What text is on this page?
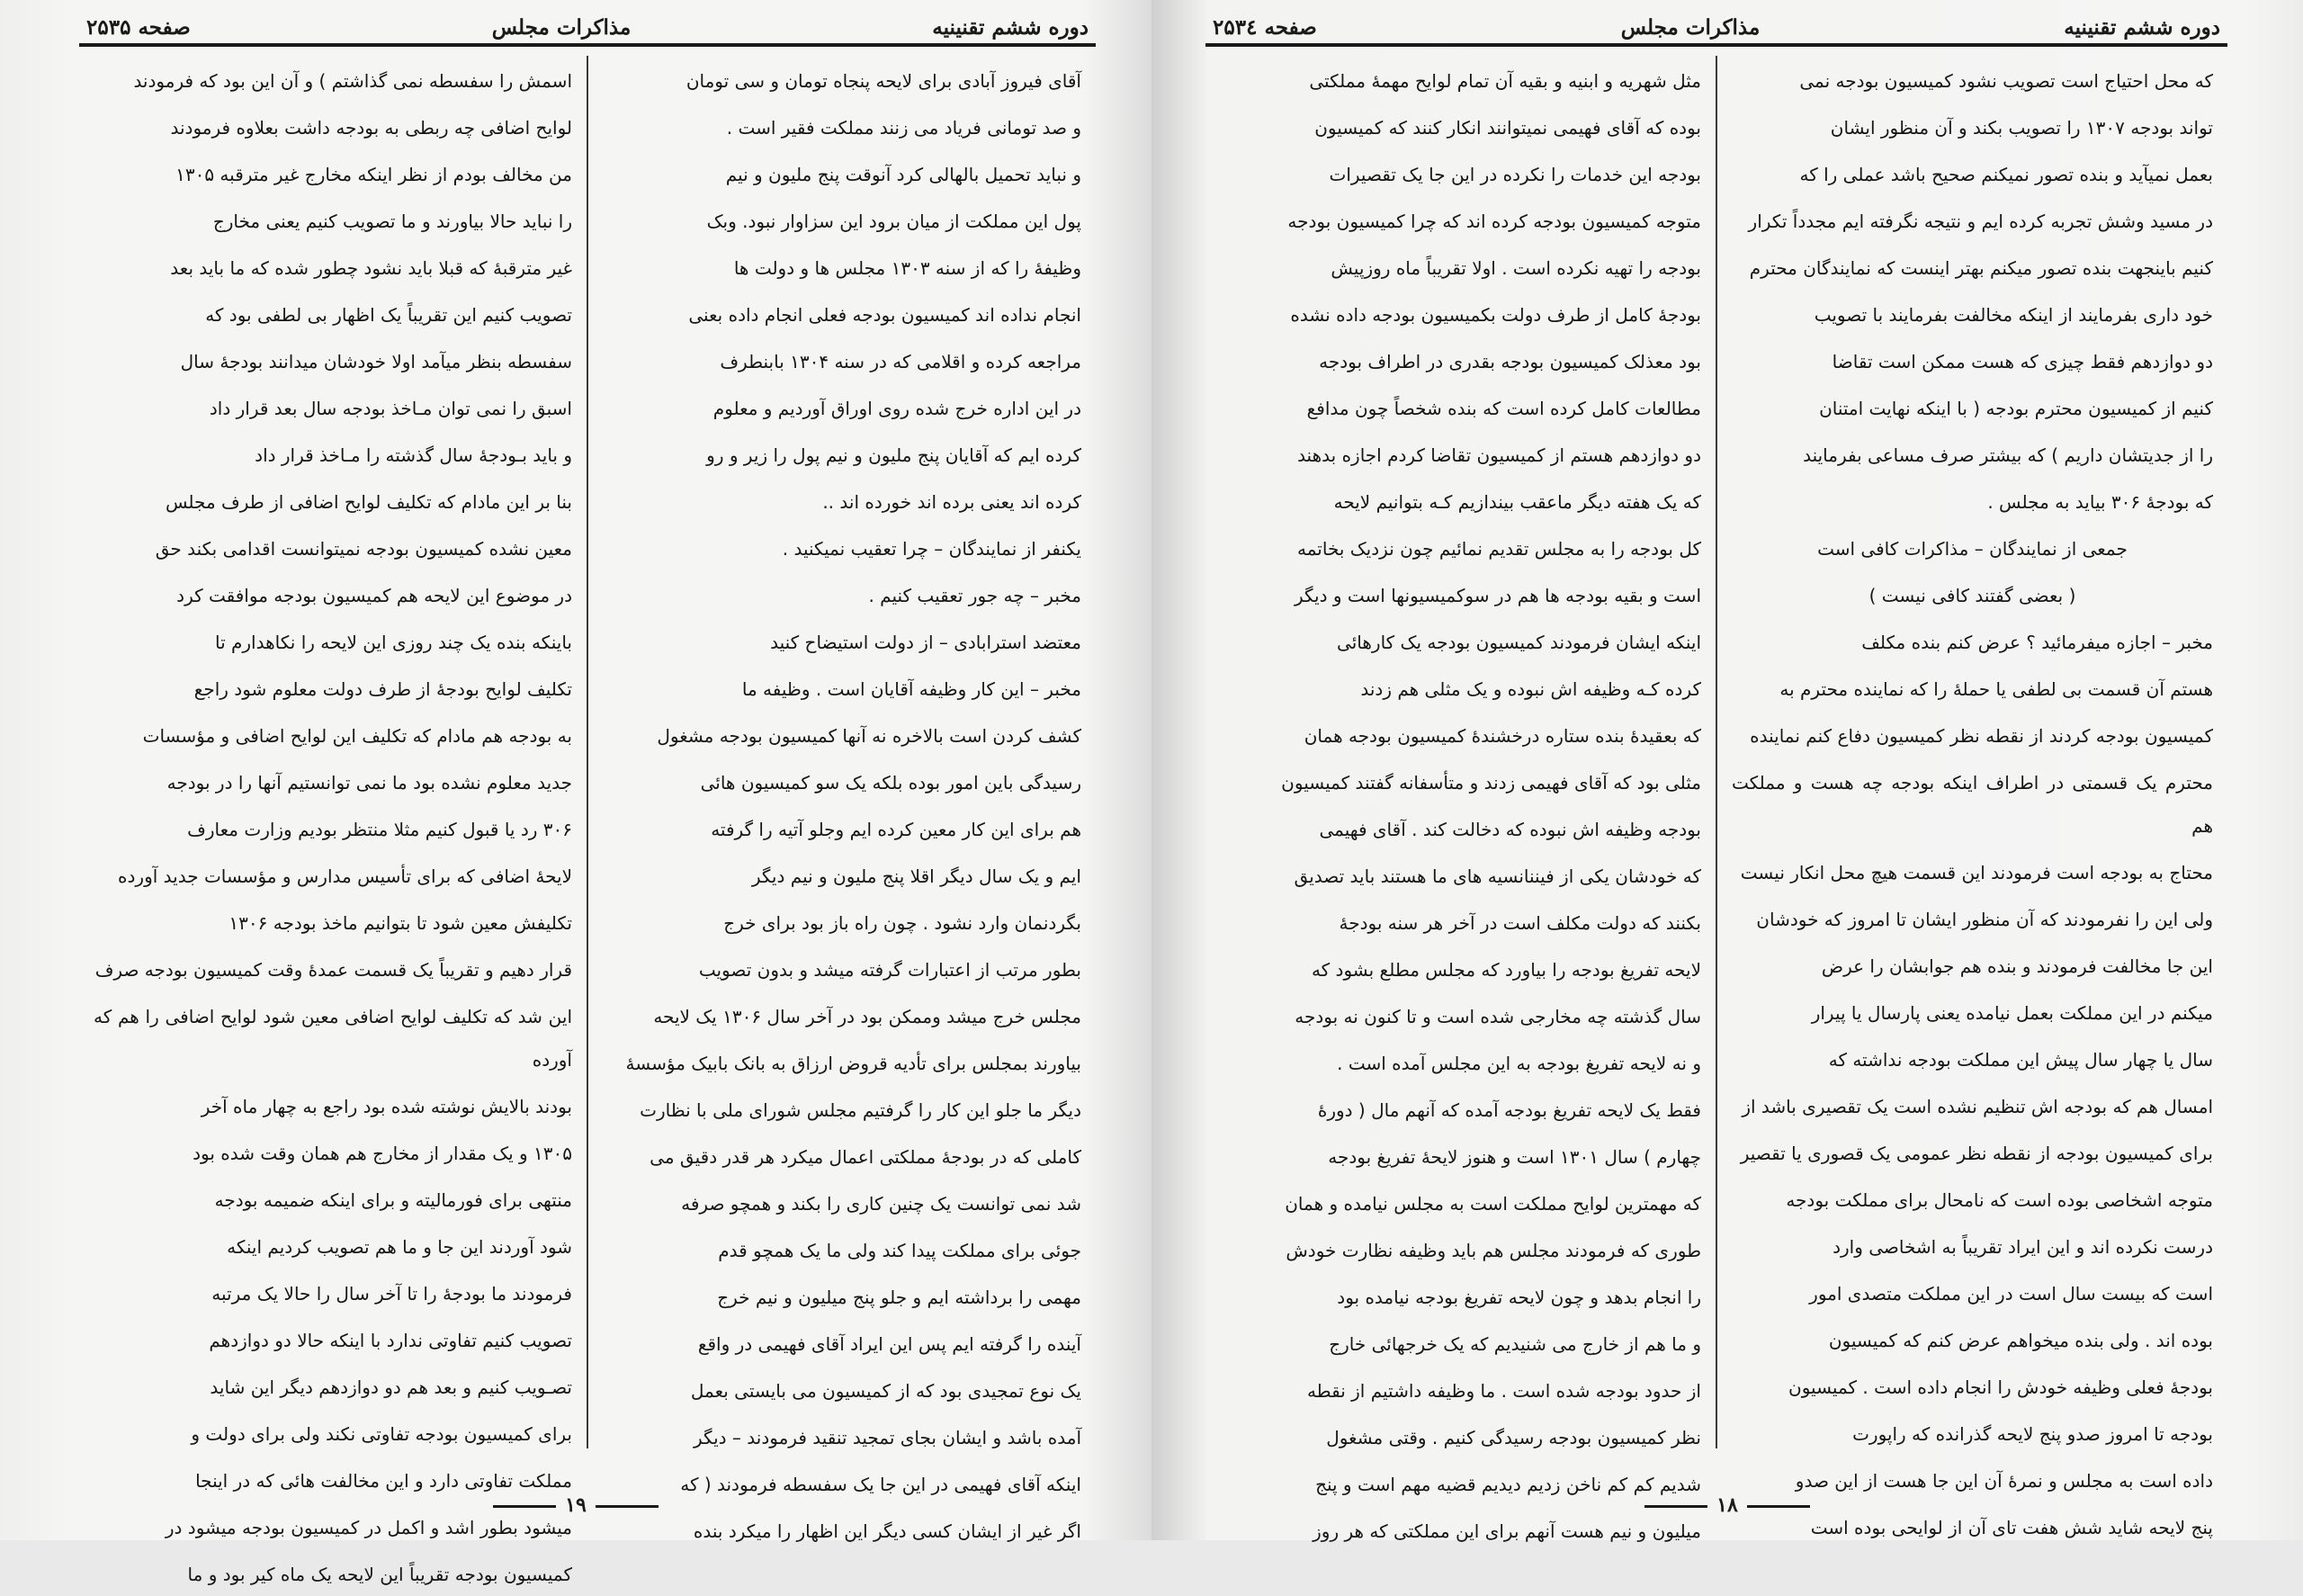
دوره ششم تقنینیه
مذاکرات مجلس
صفحه ۲۵۳۵

آقای فیروز آبادی برای لایحه پنجاه تومان و سی تومان

و صد تومانی فریاد می زنند مملکت فقیر است .

و نباید تحمیل بالهالی کرد آنوقت پنج ملیون و نیم

پول این مملکت از میان برود این سزاوار نبود. وبک

وظیفهٔ را که از سنه ۱۳۰۳ مجلس ها و دولت ها

انجام نداده اند کمیسیون بودجه فعلی انجام داده بعنی

مراجعه کرده و اقلامی که در سنه ۱۳۰۴ بابنطرف

در این اداره خرج شده روی اوراق آوردیم و معلوم

کرده ایم که آقایان پنج ملیون و نیم پول را زیر و رو

کرده اند یعنی برده اند خورده اند ..

یکنفر از نمایندگان – چرا تعقیب نمیکنید .

مخبر – چه جور تعقیب کنیم .

معتضد استرابادی – از دولت استیضاح کنید

مخبر – این کار وظیفه آقایان است . وظیفه ما

کشف کردن است بالاخره نه آنها کمیسیون بودجه مشغول

رسیدگی باین امور بوده بلکه یک سو کمیسیون هائی

هم برای این کار معین کرده ایم وجلو آتیه را گرفته

ایم و یک سال دیگر اقلا پنج ملیون و نیم دیگر

بگردنمان وارد نشود . چون راه باز بود برای خرج

بطور مرتب از اعتبارات گرفته میشد و بدون تصویب

مجلس خرج میشد وممکن بود در آخر سال ۱۳۰۶ یک لایحه

بیاورند بمجلس برای تأدیه قروض ارزاق به بانک بابیک مؤسسهٔ

دیگر ما جلو این کار را گرفتیم مجلس شورای ملی با نظارت

کاملی که در بودجهٔ مملکتی اعمال میکرد هر قدر دقیق می

شد نمی توانست یک چنین کاری را بکند و همچو صرفه

جوئی برای مملکت پیدا کند ولی ما یک همچو قدم

مهمی را برداشته ایم و جلو پنج میلیون و نیم خرج

آینده را گرفته ایم پس این ایراد آقای فهیمی در واقع

یک نوع تمجیدی بود که از کمیسیون می بایستی بعمل

آمده باشد و ایشان بجای تمجید تنقید فرمودند – دیگر

اینکه آقای فهیمی در این جا یک سفسطه فرمودند ( که

اگر غیر از ایشان کسی دیگر این اظهار را میکرد بنده

اسمش را سفسطه نمی گذاشتم ) و آن این بود که فرمودند

لوایح اضافی چه ربطی به بودجه داشت بعلاوه فرمودند

من مخالف بودم از نظر اینکه مخارج غیر مترقبه ۱۳۰۵

را نباید حالا بیاورند و ما تصویب کنیم یعنی مخارج

غیر مترقبهٔ که قبلا باید نشود چطور شده که ما باید بعد

تصویب کنیم این تقریباً یک اظهار بی لطفی بود که

سفسطه بنظر میآمد اولا خودشان میدانند بودجهٔ سال

اسبق را نمی توان مـاخذ بودجه سال بعد قرار داد

و باید بـودجهٔ سال گذشته را مـاخذ قرار داد

بنا بر این مادام که تکلیف لوایح اضافی از طرف مجلس

معین نشده کمیسیون بودجه نمیتوانست اقدامی بکند حق

در موضوع این لایحه هم کمیسیون بودجه موافقت کرد

باینکه بنده یک چند روزی این لایحه را نکاهدارم تا

تکلیف لوایح بودجهٔ از طرف دولت معلوم شود راجع

به بودجه هم مادام که تکلیف این لوایح اضافی و مؤسسات

جدید معلوم نشده بود ما نمی توانستیم آنها را در بودجه

۳۰۶ رد یا قبول کنیم مثلا منتظر بودیم وزارت معارف

لایحهٔ اضافی که برای تأسیس مدارس و مؤسسات جدید آورده

تکلیفش معین شود تا بتوانیم ماخذ بودجه ۱۳۰۶

قرار دهیم و تقریباً یک قسمت عمدهٔ وقت کمیسیون بودجه صرف

این شد که تکلیف لوایح اضافی معین شود لوایح اضافی را هم که آورده

بودند بالایش نوشته شده بود راجع به چهار ماه آخر

۱۳۰۵ و یک مقدار از مخارج هم همان وقت شده بود

منتهی برای فورمالیته و برای اینکه ضمیمه بودجه

شود آوردند این جا و ما هم تصویب کردیم اینکه

فرمودند ما بودجهٔ را تا آخر سال را حالا یک مرتبه

تصویب کنیم تفاوتی ندارد با اینکه حالا دو دوازدهم

تصـویب کنیم و بعد هم دو دوازدهم دیگر این شاید

برای کمیسیون بودجه تفاوتی نکند ولی برای دولت و

مملکت تفاوتی دارد و این مخالفت هائی که در اینجا

میشود بطور اشد و اکمل در کمیسیون بودجه میشود در

کمیسیون بودجه تقریباً این لایحه یک ماه کیر بود و ما

۱۹
دوره ششم تقنینیه
مذاکرات مجلس
صفحه ۲۵۳٤

که محل احتیاج است تصویب نشود کمیسیون بودجه نمی

تواند بودجه ۱۳۰۷ را تصویب بکند و آن منظور ایشان

بعمل نمیآید و بنده تصور نمیکنم صحیح باشد عملی را که

در مسید وشش تجربه کرده ایم و نتیجه نگرفته ایم مجدداً تکرار

کنیم باینجهت بنده تصور میکنم بهتر اینست که نمایندگان محترم

خود داری بفرمایند از اینکه مخالفت بفرمایند با تصویب

دو دوازدهم فقط چیزی که هست ممکن است تقاضا

کنیم از کمیسیون محترم بودجه ( با اینکه نهایت امتنان

را از جدیتشان داریم ) که بیشتر صرف مساعی بفرمایند

که بودجهٔ ۳۰۶ بیاید به مجلس .

جمعی از نمایندگان – مذاکرات کافی است

( بعضی گفتند کافی نیست )

مخبر – اجازه میفرمائید ؟ عرض کنم بنده مکلف

هستم آن قسمت بی لطفی یا حملهٔ را که نماینده محترم به

کمیسیون بودجه کردند از نقطه نظر کمیسیون دفاع کنم نماینده

محترم یک قسمتی در اطراف اینکه بودجه چه هست و مملکت هم

محتاج به بودجه است فرمودند این قسمت هیچ محل انکار نیست

ولی این را نفرمودند که آن منظور ایشان تا امروز که خودشان

این جا مخالفت فرمودند و بنده هم جوابشان را عرض

میکنم در این مملکت بعمل نیامده یعنی پارسال یا پیرار

سال یا چهار سال پیش این مملکت بودجه نداشته که

امسال هم که بودجه اش تنظیم نشده است یک تقصیری باشد از

برای کمیسیون بودجه از نقطه نظر عمومی یک قصوری یا تقصیر

متوجه اشخاصی بوده است که نامحال برای مملکت بودجه

درست نکرده اند و این ایراد تقریباً به اشخاصی وارد

است که بیست سال است در این مملکت متصدی امور

بوده اند . ولی بنده میخواهم عرض کنم که کمیسیون

بودجهٔ فعلی وظیفه خودش را انجام داده است . کمیسیون

بودجه تا امروز صدو پنج لایحه گذرانده که راپورت

داده است به مجلس و نمرهٔ آن این جا هست از این صدو

پنج لایحه شاید شش هفت تای آن از لوایحی بوده است

مثل شهریه و ابنیه و بقیه آن تمام لوایح مهمهٔ مملکتی

بوده که آقای فهیمی نمیتوانند انکار کنند که کمیسیون

بودجه این خدمات را نکرده در این جا یک تقصیرات

متوجه کمیسیون بودجه کرده اند که چرا کمیسیون بودجه

بودجه را تهیه نکرده است . اولا تقریباً ماه روزپیش

بودجهٔ کامل از طرف دولت بکمیسیون بودجه داده نشده

بود معذلک کمیسیون بودجه بقدری در اطراف بودجه

مطالعات کامل کرده است که بنده شخصاً چون مدافع

دو دوازدهم هستم از کمیسیون تقاضا کردم اجازه بدهند

که یک هفته دیگر ماعقب بیندازیم کـه بتوانیم لایحه

کل بودجه را به مجلس تقدیم نمائیم چون نزدیک بخاتمه

است و بقیه بودجه ها هم در سوکمیسیونها است و دیگر

اینکه ایشان فرمودند کمیسیون بودجه یک کارهائی

کرده کـه وظیفه اش نبوده و یک مثلی هم زدند

که بعقیدهٔ بنده ستاره درخشندهٔ کمیسیون بودجه همان

مثلی بود که آقای فهیمی زدند و متأسفانه گفتند کمیسیون

بودجه وظیفه اش نبوده که دخالت کند . آقای فهیمی

که خودشان یکی از فیننانسیه های ما هستند باید تصدیق

بکنند که دولت مکلف است در آخر هر سنه بودجهٔ

لایحه تفریغ بودجه را بیاورد که مجلس مطلع بشود که

سال گذشته چه مخارجی شده است و تا کنون نه بودجه

و نه لایحه تفریغ بودجه به این مجلس آمده است .

فقط یک لایحه تفریغ بودجه آمده که آنهم مال ( دورهٔ

چهارم ) سال ۱۳۰۱ است و هنوز لایحهٔ تفریغ بودجه

که مهمترین لوایح مملکت است به مجلس نیامده و همان

طوری که فرمودند مجلس هم باید وظیفه نظارت خودش

را انجام بدهد و چون لایحه تفریغ بودجه نیامده بود

و ما هم از خارج می شنیدیم که یک خرجهائی خارج

از حدود بودجه شده است . ما وظیفه داشتیم از نقطه

نظر کمیسیون بودجه رسیدگی کنیم . وقتی مشغول

شدیم کم کم ناخن زدیم دیدیم قضیه مهم است و پنج

میلیون و نیم هست آنهم برای این مملکتی که هر روز

۱۸
